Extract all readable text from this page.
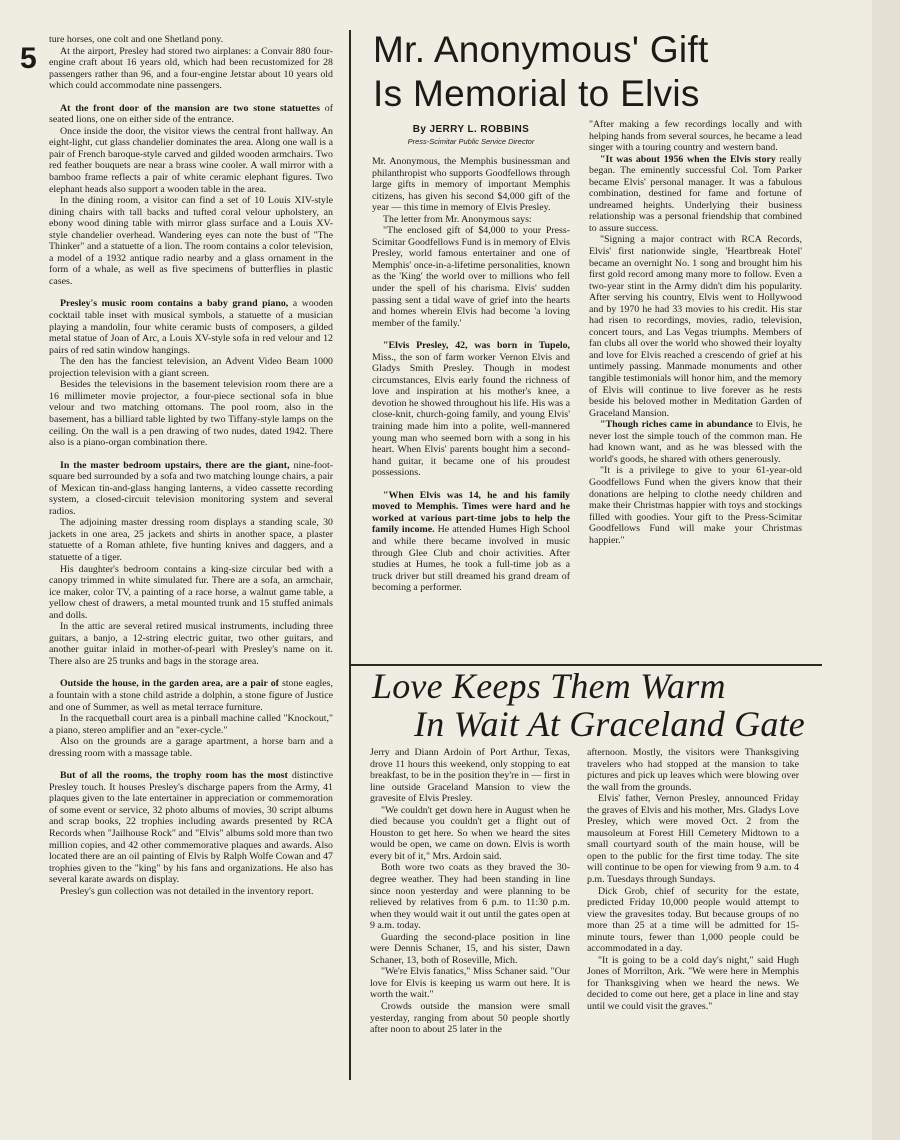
5

ture horses, one colt and one Shetland pony.

At the airport, Presley had stored two airplanes: a Convair 880 four-engine craft about 16 years old, which had been recustomized for 28 passengers rather than 96, and a four-engine Jetstar about 10 years old which could accommodate nine passengers.

At the front door of the mansion are two stone statuettes of seated lions, one on either side of the entrance.

Once inside the door, the visitor views the central front hallway. An eight-light, cut glass chandelier dominates the area. Along one wall is a pair of French baroque-style carved and gilded wooden armchairs. Two red feather bouquets are near a brass wine cooler. A wall mirror with a bamboo frame reflects a pair of white ceramic elephant figures. Two elephant heads also support a wooden table in the area.

In the dining room, a visitor can find a set of 10 Louis XIV-style dining chairs with tall backs and tufted coral velour upholstery, an ebony wood dining table with mirror glass surface and a Louis XV-style chandelier overhead. Wandering eyes can note the bust of "The Thinker" and a statuette of a lion. The room contains a color television, a model of a 1932 antique radio nearby and a glass ornament in the form of a whale, as well as five specimens of butterflies in plastic cases.

Presley's music room contains a baby grand piano, a wooden cocktail table inset with musical symbols, a statuette of a musician playing a mandolin, four white ceramic busts of composers, a gilded metal statue of Joan of Arc, a Louis XV-style sofa in red velour and 12 pairs of red satin window hangings.

The den has the fanciest television, an Advent Video Beam 1000 projection television with a giant screen.

Besides the televisions in the basement television room there are a 16 millimeter movie projector, a four-piece sectional sofa in blue velour and two matching ottomans. The pool room, also in the basement, has a billiard table lighted by two Tiffany-style lamps on the ceiling. On the wall is a pen drawing of two nudes, dated 1942. There also is a piano-organ combination there.

In the master bedroom upstairs, there are the giant, nine-foot-square bed surrounded by a sofa and two matching lounge chairs, a pair of Mexican tin-and-glass hanging lanterns, a video cassette recording system, a closed-circuit television monitoring system and several radios.

The adjoining master dressing room displays a standing scale, 30 jackets in one area, 25 jackets and shirts in another space, a plaster statuette of a Roman athlete, five hunting knives and daggers, and a statuette of a tiger.

His daughter's bedroom contains a king-size circular bed with a canopy trimmed in white simulated fur. There are a sofa, an armchair, ice maker, color TV, a painting of a race horse, a walnut game table, a yellow chest of drawers, a metal mounted trunk and 15 stuffed animals and dolls.

In the attic are several retired musical instruments, including three guitars, a banjo, a 12-string electric guitar, two other guitars, and another guitar inlaid in mother-of-pearl with Presley's name on it. There also are 25 trunks and bags in the storage area.

Outside the house, in the garden area, are a pair of stone eagles, a fountain with a stone child astride a dolphin, a stone figure of Justice and one of Summer, as well as metal terrace furniture.

In the racquetball court area is a pinball machine called "Knockout," a piano, stereo amplifier and an "exer-cycle."

Also on the grounds are a garage apartment, a horse barn and a dressing room with a massage table.

But of all the rooms, the trophy room has the most distinctive Presley touch. It houses Presley's discharge papers from the Army, 41 plaques given to the late entertainer in appreciation or commemoration of some event or service, 32 photo albums of movies, 30 script albums and scrap books, 22 trophies including awards presented by RCA Records when "Jailhouse Rock" and "Elvis" albums sold more than two million copies, and 42 other commemorative plaques and awards. Also located there are an oil painting of Elvis by Ralph Wolfe Cowan and 47 trophies given to the "king" by his fans and organizations. He also has several karate awards on display.

Presley's gun collection was not detailed in the inventory report.

Mr. Anonymous' Gift
Is Memorial to Elvis
By JERRY L. ROBBINS
Press-Scimitar Public Service Director

Mr. Anonymous, the Memphis businessman and philanthropist who supports Goodfellows through large gifts in memory of important Memphis citizens, has given his second $4,000 gift of the year — this time in memory of Elvis Presley.

The letter from Mr. Anonymous says:

"The enclosed gift of $4,000 to your Press-Scimitar Goodfellows Fund is in memory of Elvis Presley, world famous entertainer and one of Memphis' once-in-a-lifetime personalities, known as the 'King' the world over to millions who fell under the spell of his charisma. Elvis' sudden passing sent a tidal wave of grief into the hearts and homes wherein Elvis had become 'a loving member of the family.'

"Elvis Presley, 42, was born in Tupelo, Miss., the son of farm worker Vernon Elvis and Gladys Smith Presley. Though in modest circumstances, Elvis early found the richness of love and inspiration at his mother's knee, a devotion he showed throughout his life. His was a close-knit, church-going family, and young Elvis' training made him into a polite, well-mannered young man who seemed born with a song in his heart. When Elvis' parents bought him a second-hand guitar, it became one of his proudest possessions.

"When Elvis was 14, he and his family moved to Memphis. Times were hard and he worked at various part-time jobs to help the family income. He attended Humes High School and while there became involved in music through Glee Club and choir activities. After studies at Humes, he took a full-time job as a truck driver but still dreamed his grand dream of becoming a performer.

"After making a few recordings locally and with helping hands from several sources, he became a lead singer with a touring country and western band.

"It was about 1956 when the Elvis story really began. The eminently successful Col. Tom Parker became Elvis' personal manager. It was a fabulous combination, destined for fame and fortune of undreamed heights. Underlying their business relationship was a personal friendship that combined to assure success.

"Signing a major contract with RCA Records, Elvis' first nationwide single, 'Heartbreak Hotel' became an overnight No. 1 song and brought him his first gold record among many more to follow. Even a two-year stint in the Army didn't dim his popularity. After serving his country, Elvis went to Hollywood and by 1970 he had 33 movies to his credit. His star had risen to recordings, movies, radio, television, concert tours, and Las Vegas triumphs. Members of fan clubs all over the world who showed their loyalty and love for Elvis reached a crescendo of grief at his untimely passing. Manmade monuments and other tangible testimonials will honor him, and the memory of Elvis will continue to live forever as he rests beside his beloved mother in Meditation Garden of Graceland Mansion.

"Though riches came in abundance to Elvis, he never lost the simple touch of the common man. He had known want, and as he was blessed with the world's goods, he shared with others generously.

"It is a privilege to give to your 61-year-old Goodfellows Fund when the givers know that their donations are helping to clothe needy children and make their Christmas happier with toys and stockings filled with goodies. Your gift to the Press-Scimitar Goodfellows Fund will make your Christmas happier."

Love Keeps Them Warm
In Wait At Graceland Gate

Jerry and Diann Ardoin of Port Arthur, Texas, drove 11 hours this weekend, only stopping to eat breakfast, to be in the position they're in — first in line outside Graceland Mansion to view the gravesite of Elvis Presley.

"We couldn't get down here in August when he died because you couldn't get a flight out of Houston to get here. So when we heard the sites would be open, we came on down. Elvis is worth every bit of it," Mrs. Ardoin said.

Both wore two coats as they braved the 30-degree weather. They had been standing in line since noon yesterday and were planning to be relieved by relatives from 6 p.m. to 11:30 p.m. when they would wait it out until the gates open at 9 a.m. today.

Guarding the second-place position in line were Dennis Schaner, 15, and his sister, Dawn Schaner, 13, both of Roseville, Mich.

"We're Elvis fanatics," Miss Schaner said. "Our love for Elvis is keeping us warm out here. It is worth the wait."

Crowds outside the mansion were small yesterday, ranging from about 50 people shortly after noon to about 25 later in the

afternoon. Mostly, the visitors were Thanksgiving travelers who had stopped at the mansion to take pictures and pick up leaves which were blowing over the wall from the grounds.

Elvis' father, Vernon Presley, announced Friday the graves of Elvis and his mother, Mrs. Gladys Love Presley, which were moved Oct. 2 from the mausoleum at Forest Hill Cemetery Midtown to a small courtyard south of the main house, will be open to the public for the first time today. The site will continue to be open for viewing from 9 a.m. to 4 p.m. Tuesdays through Sundays.

Dick Grob, chief of security for the estate, predicted Friday 10,000 people would attempt to view the gravesites today. But because groups of no more than 25 at a time will be admitted for 15-minute tours, fewer than 1,000 people could be accommodated in a day.

"It is going to be a cold day's night," said Hugh Jones of Morrilton, Ark. "We were here in Memphis for Thanksgiving when we heard the news. We decided to come out here, get a place in line and stay until we could visit the graves."
